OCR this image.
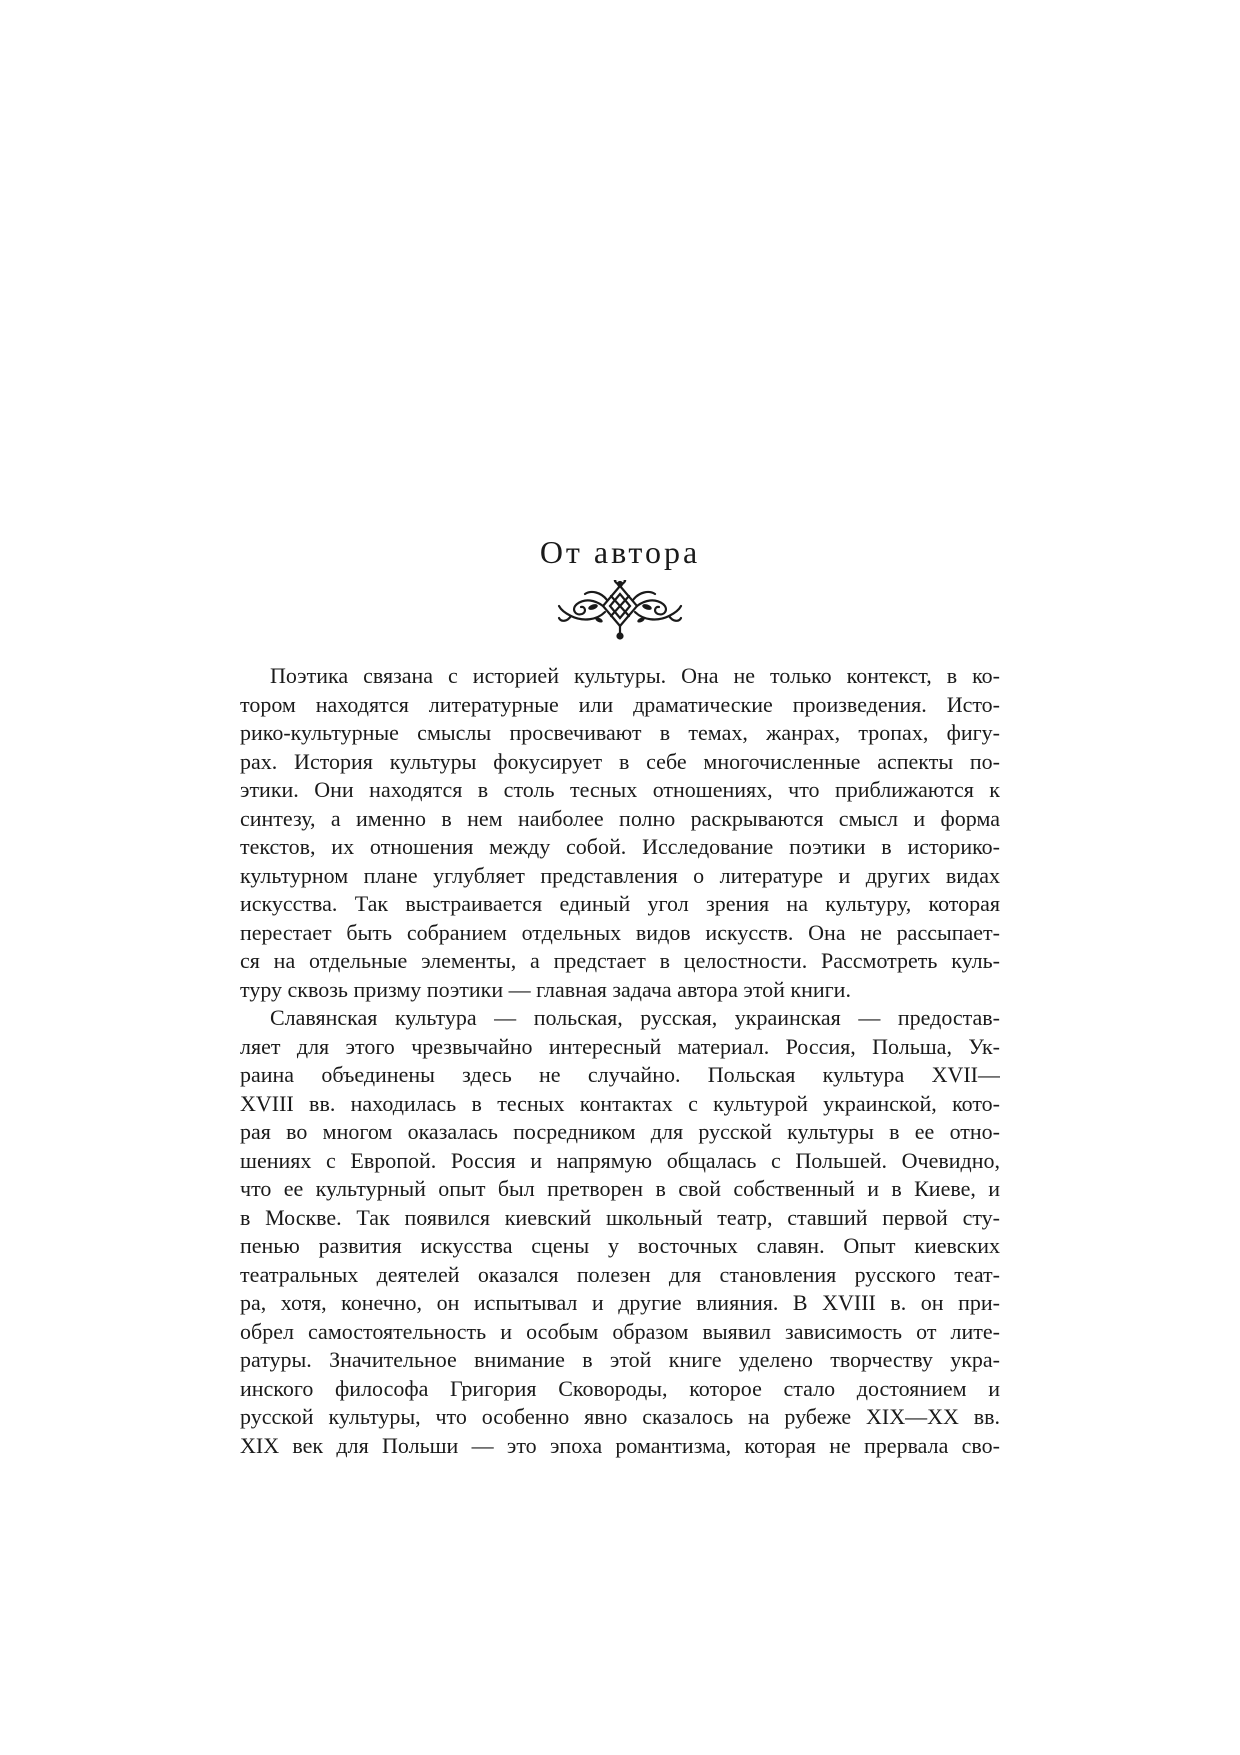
От автора
Поэтика связана с историей культуры. Она не только контекст, в ко-
тором находятся литературные или драматические произведения. Исто-
рико-культурные смыслы просвечивают в темах, жанрах, тропах, фигу-
рах. История культуры фокусирует в себе многочисленные аспекты по-
этики. Они находятся в столь тесных отношениях, что приближаются к
синтезу, а именно в нем наиболее полно раскрываются смысл и форма
текстов, их отношения между собой. Исследование поэтики в историко-
культурном плане углубляет представления о литературе и других видах
искусства. Так выстраивается единый угол зрения на культуру, которая
перестает быть собранием отдельных видов искусств. Она не рассыпает-
ся на отдельные элементы, а предстает в целостности. Рассмотреть куль-
туру сквозь призму поэтики — главная задача автора этой книги.
Славянская культура — польская, русская, украинская — предостав-
ляет для этого чрезвычайно интересный материал. Россия, Польша, Ук-
раина объединены здесь не случайно. Польская культура XVII—
XVIII вв. находилась в тесных контактах с культурой украинской, кото-
рая во многом оказалась посредником для русской культуры в ее отно-
шениях с Европой. Россия и напрямую общалась с Польшей. Очевидно,
что ее культурный опыт был претворен в свой собственный и в Киеве, и
в Москве. Так появился киевский школьный театр, ставший первой сту-
пенью развития искусства сцены у восточных славян. Опыт киевских
театральных деятелей оказался полезен для становления русского теат-
ра, хотя, конечно, он испытывал и другие влияния. В XVIII в. он при-
обрел самостоятельность и особым образом выявил зависимость от лите-
ратуры. Значительное внимание в этой книге уделено творчеству укра-
инского философа Григория Сковороды, которое стало достоянием и
русской культуры, что особенно явно сказалось на рубеже XIX—XX вв.
XIX век для Польши — это эпоха романтизма, которая не прервала сво-
